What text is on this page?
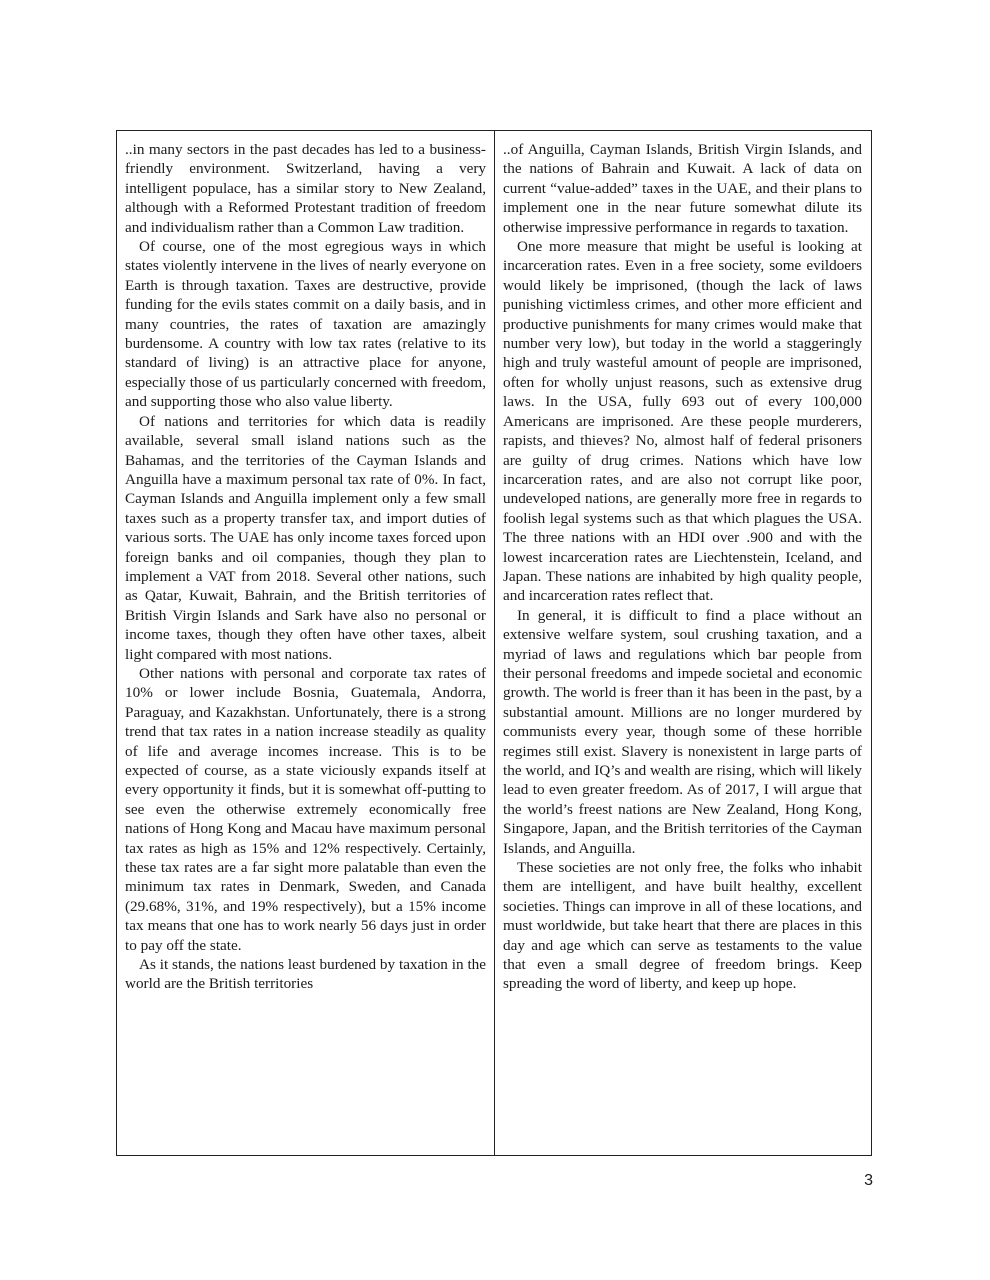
..in many sectors in the past decades has led to a business-friendly environment. Switzerland, having a very intelligent populace, has a similar story to New Zealand, although with a Reformed Protestant tradition of freedom and individualism rather than a Common Law tradition.

Of course, one of the most egregious ways in which states violently intervene in the lives of nearly everyone on Earth is through taxation. Taxes are destructive, provide funding for the evils states commit on a daily basis, and in many countries, the rates of taxation are amazingly burdensome. A country with low tax rates (relative to its standard of living) is an attractive place for anyone, especially those of us particularly concerned with freedom, and supporting those who also value liberty.

Of nations and territories for which data is readily available, several small island nations such as the Bahamas, and the territories of the Cayman Islands and Anguilla have a maximum personal tax rate of 0%. In fact, Cayman Islands and Anguilla implement only a few small taxes such as a property transfer tax, and import duties of various sorts. The UAE has only income taxes forced upon foreign banks and oil companies, though they plan to implement a VAT from 2018. Several other nations, such as Qatar, Kuwait, Bahrain, and the British territories of British Virgin Islands and Sark have also no personal or income taxes, though they often have other taxes, albeit light compared with most nations.

Other nations with personal and corporate tax rates of 10% or lower include Bosnia, Guatemala, Andorra, Paraguay, and Kazakhstan. Unfortunately, there is a strong trend that tax rates in a nation increase steadily as quality of life and average incomes increase. This is to be expected of course, as a state viciously expands itself at every opportunity it finds, but it is somewhat off-putting to see even the otherwise extremely economically free nations of Hong Kong and Macau have maximum personal tax rates as high as 15% and 12% respectively. Certainly, these tax rates are a far sight more palatable than even the minimum tax rates in Denmark, Sweden, and Canada (29.68%, 31%, and 19% respectively), but a 15% income tax means that one has to work nearly 56 days just in order to pay off the state.

As it stands, the nations least burdened by taxation in the world are the British territories

..of Anguilla, Cayman Islands, British Virgin Islands, and the nations of Bahrain and Kuwait. A lack of data on current “value-added” taxes in the UAE, and their plans to implement one in the near future somewhat dilute its otherwise impressive performance in regards to taxation.

One more measure that might be useful is looking at incarceration rates. Even in a free society, some evildoers would likely be imprisoned, (though the lack of laws punishing victimless crimes, and other more efficient and productive punishments for many crimes would make that number very low), but today in the world a staggeringly high and truly wasteful amount of people are imprisoned, often for wholly unjust reasons, such as extensive drug laws. In the USA, fully 693 out of every 100,000 Americans are imprisoned. Are these people murderers, rapists, and thieves? No, almost half of federal prisoners are guilty of drug crimes. Nations which have low incarceration rates, and are also not corrupt like poor, undeveloped nations, are generally more free in regards to foolish legal systems such as that which plagues the USA. The three nations with an HDI over .900 and with the lowest incarceration rates are Liechtenstein, Iceland, and Japan. These nations are inhabited by high quality people, and incarceration rates reflect that.

In general, it is difficult to find a place without an extensive welfare system, soul crushing taxation, and a myriad of laws and regulations which bar people from their personal freedoms and impede societal and economic growth. The world is freer than it has been in the past, by a substantial amount. Millions are no longer murdered by communists every year, though some of these horrible regimes still exist. Slavery is nonexistent in large parts of the world, and IQ’s and wealth are rising, which will likely lead to even greater freedom. As of 2017, I will argue that the world’s freest nations are New Zealand, Hong Kong, Singapore, Japan, and the British territories of the Cayman Islands, and Anguilla.

These societies are not only free, the folks who inhabit them are intelligent, and have built healthy, excellent societies. Things can improve in all of these locations, and must worldwide, but take heart that there are places in this day and age which can serve as testaments to the value that even a small degree of freedom brings. Keep spreading the word of liberty, and keep up hope.

3
